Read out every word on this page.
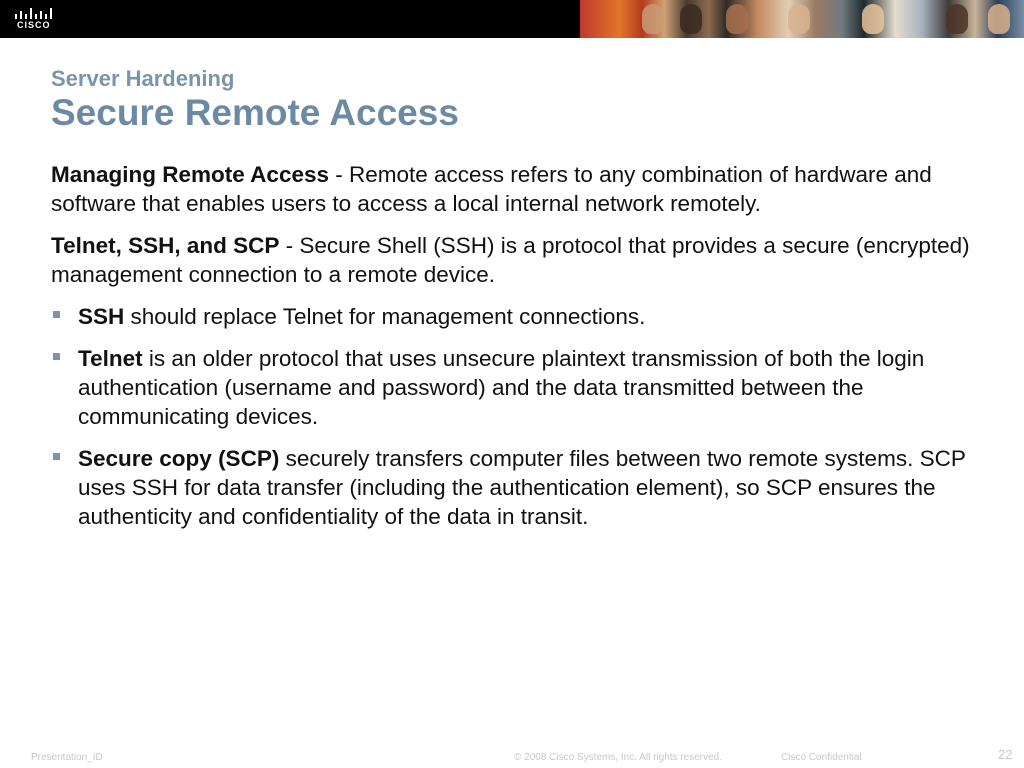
CISCO
Server Hardening
Secure Remote Access

Managing Remote Access - Remote access refers to any combination of hardware and software that enables users to access a local internal network remotely.

Telnet, SSH, and SCP - Secure Shell (SSH) is a protocol that provides a secure (encrypted) management connection to a remote device.

SSH should replace Telnet for management connections.
Telnet is an older protocol that uses unsecure plaintext transmission of both the login authentication (username and password) and the data transmitted between the communicating devices.
Secure copy (SCP) securely transfers computer files between two remote systems. SCP uses SSH for data transfer (including the authentication element), so SCP ensures the authenticity and confidentiality of the data in transit.
Presentation_ID	© 2008 Cisco Systems, Inc. All rights reserved.	Cisco Confidential	22
